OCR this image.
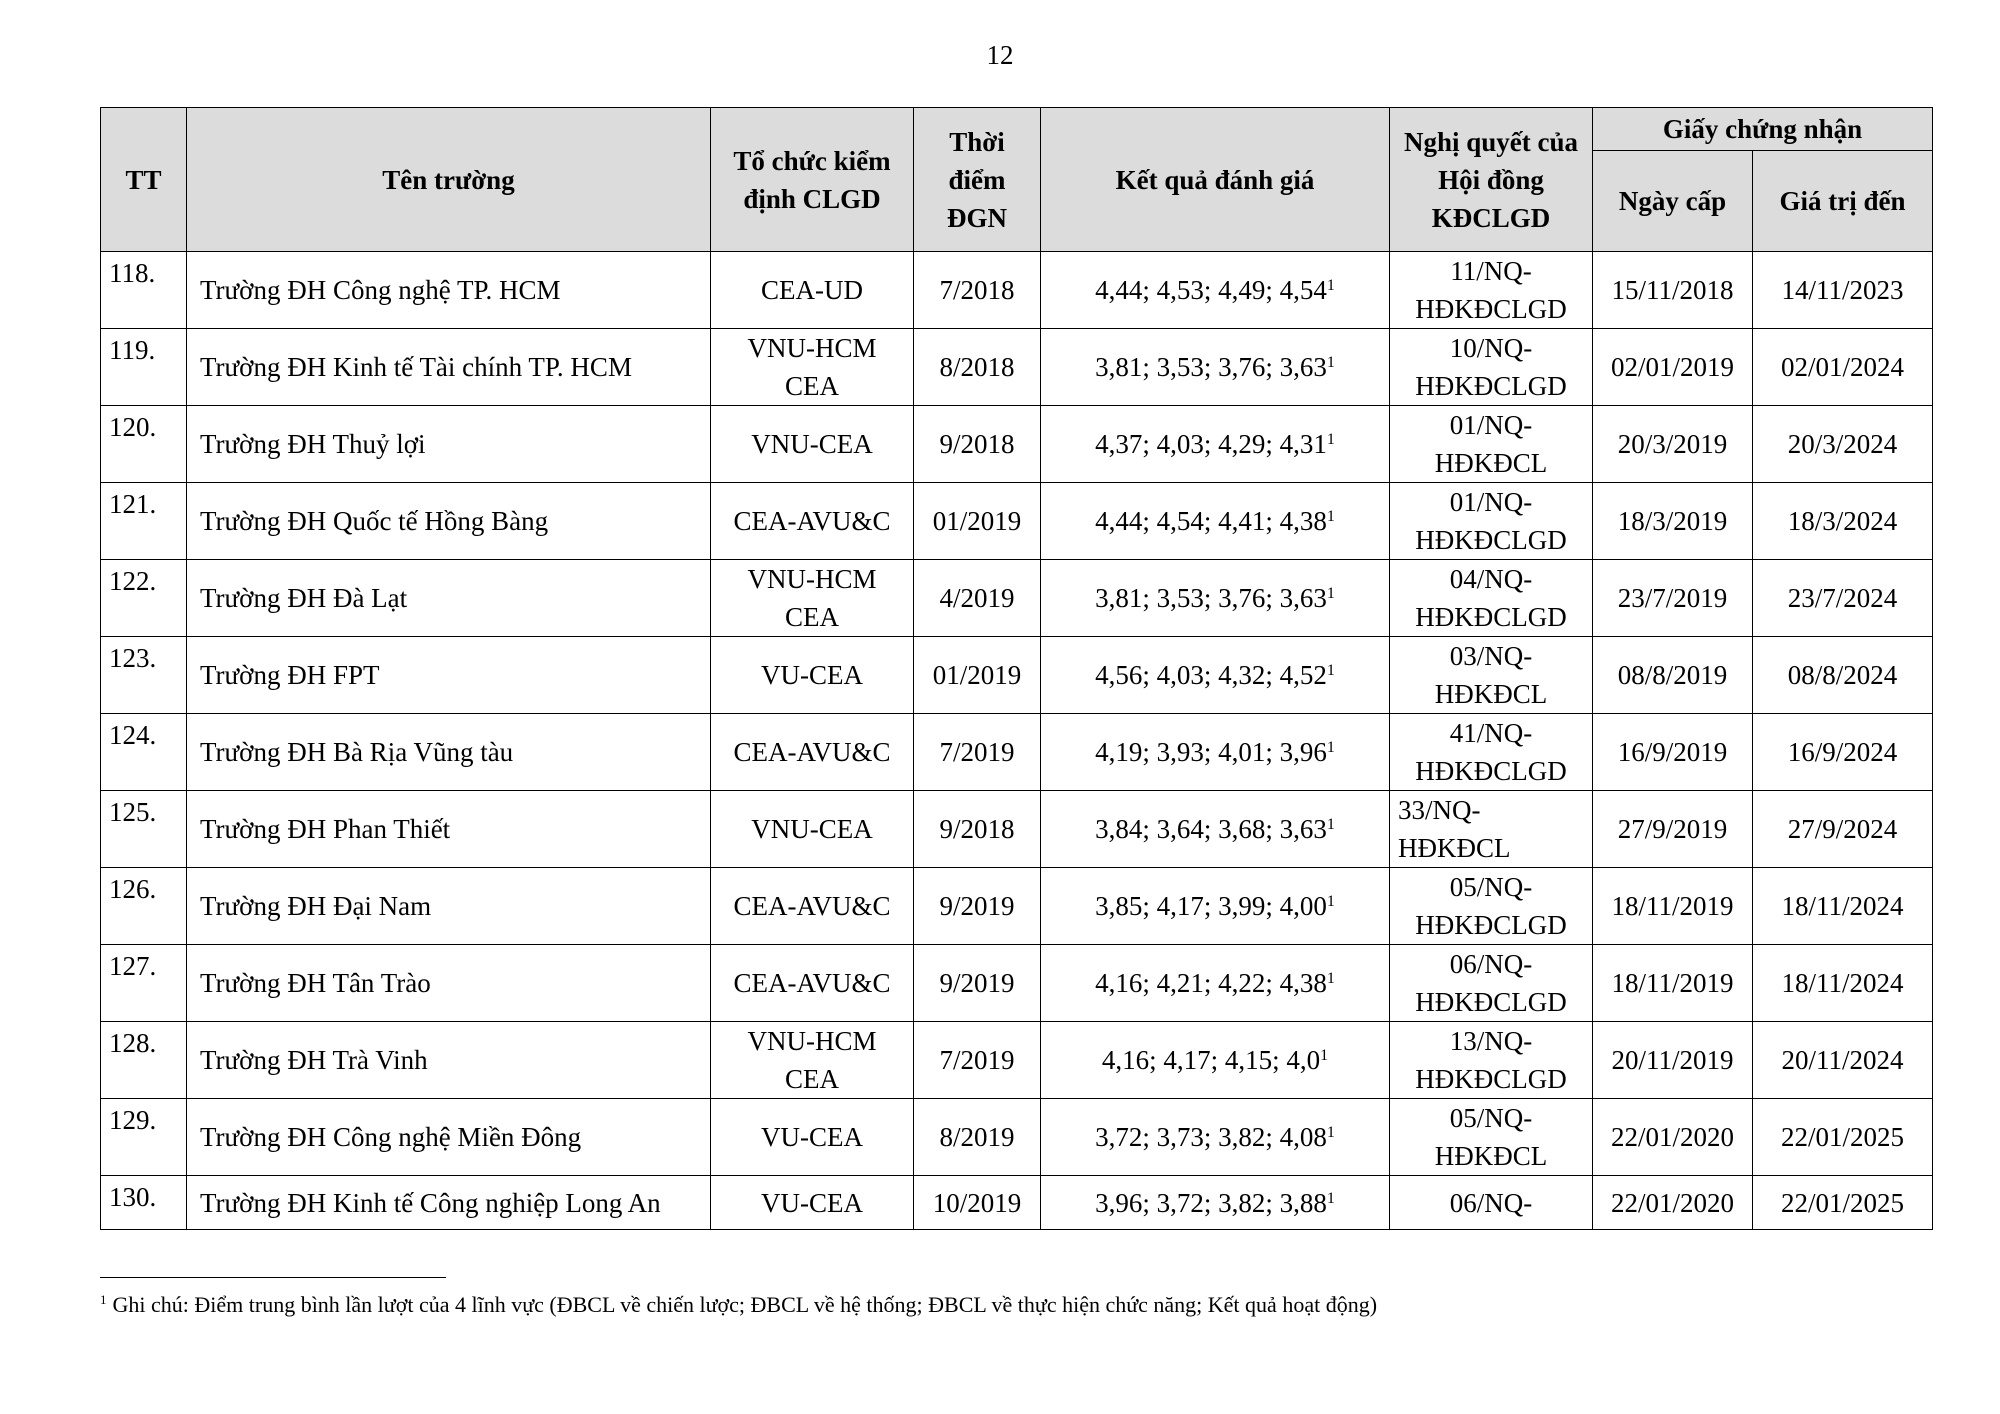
12
TT	Tên trường	Tổ chức kiểm định CLGD	Thời điểm ĐGN	Kết quả đánh giá	Nghị quyết của Hội đồng KĐCLGD	Giấy chứng nhận	
						Ngày cấp	Giá trị đến
118.	Trường ĐH Công nghệ TP. HCM	CEA-UD	7/2018	4,44; 4,53; 4,49; 4,54$^1$	11/NQ-HĐKĐCLGD	15/11/2018	14/11/2023
119.	Trường ĐH Kinh tế Tài chính TP. HCM	VNU-HCM CEA	8/2018	3,81; 3,53; 3,76; 3,63$^1$	10/NQ-HĐKĐCLGD	02/01/2019	02/01/2024
120.	Trường ĐH Thuỷ lợi	VNU-CEA	9/2018	4,37; 4,03; 4,29; 4,31$^1$	01/NQ-HĐKĐCL	20/3/2019	20/3/2024
121.	Trường ĐH Quốc tế Hồng Bàng	CEA-AVU&C	01/2019	4,44; 4,54; 4,41; 4,38$^1$	01/NQ-HĐKĐCLGD	18/3/2019	18/3/2024
122.	Trường ĐH Đà Lạt	VNU-HCM CEA	4/2019	3,81; 3,53; 3,76; 3,63$^1$	04/NQ-HĐKĐCLGD	23/7/2019	23/7/2024
123.	Trường ĐH FPT	VU-CEA	01/2019	4,56; 4,03; 4,32; 4,52$^1$	03/NQ-HĐKĐCL	08/8/2019	08/8/2024
124.	Trường ĐH Bà Rịa Vũng tàu	CEA-AVU&C	7/2019	4,19; 3,93; 4,01; 3,96$^1$	41/NQ-HĐKĐCLGD	16/9/2019	16/9/2024
125.	Trường ĐH Phan Thiết	VNU-CEA	9/2018	3,84; 3,64; 3,68; 3,63$^1$	33/NQ-HĐKĐCL	27/9/2019	27/9/2024
126.	Trường ĐH Đại Nam	CEA-AVU&C	9/2019	3,85; 4,17; 3,99; 4,00$^1$	05/NQ-HĐKĐCLGD	18/11/2019	18/11/2024
127.	Trường ĐH Tân Trào	CEA-AVU&C	9/2019	4,16; 4,21; 4,22; 4,38$^1$	06/NQ-HĐKĐCLGD	18/11/2019	18/11/2024
128.	Trường ĐH Trà Vinh	VNU-HCM CEA	7/2019	4,16; 4,17; 4,15; $4,0^1$	13/NQ-HĐKĐCLGD	20/11/2019	20/11/2024
129.	Trường ĐH Công nghệ Miền Đông	VU-CEA	8/2019	3,72; 3,73; 3,82; 4,08$^1$	05/NQ-HĐKĐCL	22/01/2020	22/01/2025
130.	Trường ĐH Kinh tế Công nghiệp Long An	VU-CEA	10/2019	3,96; 3,72; 3,82; 3,88$^1$	06/NQ-	22/01/2020	22/01/2025
$^1$ Ghi chú: Điểm trung bình lần lượt của 4 lĩnh vực (ĐBCL về chiến lược; ĐBCL về hệ thống; ĐBCL về thực hiện chức năng; Kết quả hoạt động)
